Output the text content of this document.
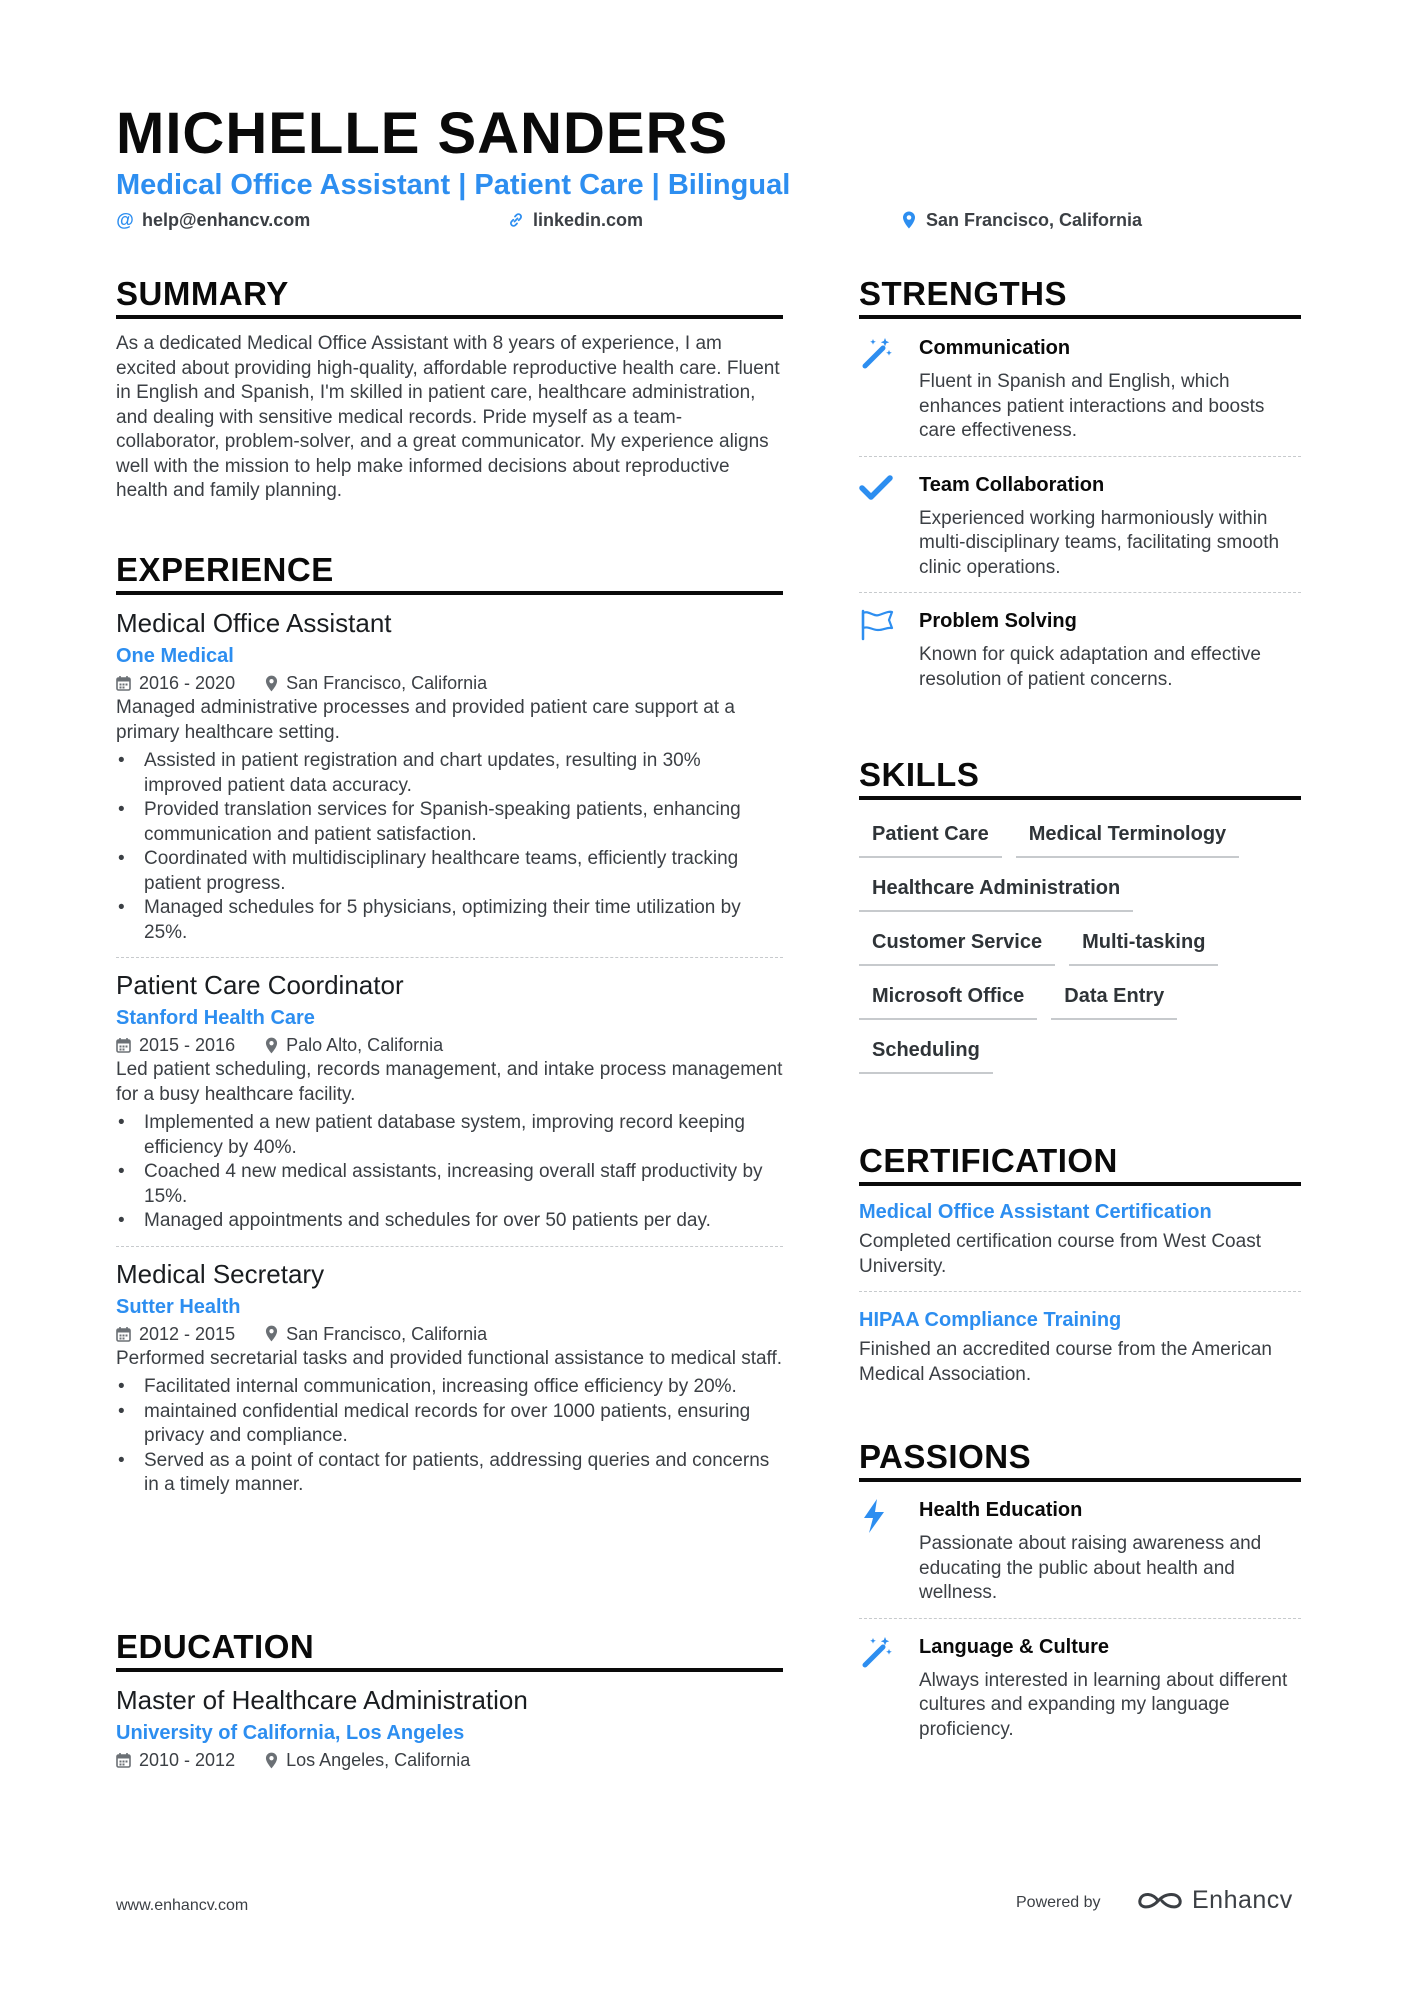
MICHELLE SANDERS
Medical Office Assistant | Patient Care | Bilingual
@ help@enhancv.com	linkedin.com	San Francisco, California
SUMMARY
As a dedicated Medical Office Assistant with 8 years of experience, I am excited about providing high-quality, affordable reproductive health care. Fluent in English and Spanish, I'm skilled in patient care, healthcare administration, and dealing with sensitive medical records. Pride myself as a team-collaborator, problem-solver, and a great communicator. My experience aligns well with the mission to help make informed decisions about reproductive health and family planning.
EXPERIENCE
Medical Office Assistant
One Medical
2016 - 2020	San Francisco, California
Managed administrative processes and provided patient care support at a primary healthcare setting.
• Assisted in patient registration and chart updates, resulting in 30% improved patient data accuracy.
• Provided translation services for Spanish-speaking patients, enhancing communication and patient satisfaction.
• Coordinated with multidisciplinary healthcare teams, efficiently tracking patient progress.
• Managed schedules for 5 physicians, optimizing their time utilization by 25%.
Patient Care Coordinator
Stanford Health Care
2015 - 2016	Palo Alto, California
Led patient scheduling, records management, and intake process management for a busy healthcare facility.
• Implemented a new patient database system, improving record keeping efficiency by 40%.
• Coached 4 new medical assistants, increasing overall staff productivity by 15%.
• Managed appointments and schedules for over 50 patients per day.
Medical Secretary
Sutter Health
2012 - 2015	San Francisco, California
Performed secretarial tasks and provided functional assistance to medical staff.
• Facilitated internal communication, increasing office efficiency by 20%.
• maintained confidential medical records for over 1000 patients, ensuring privacy and compliance.
• Served as a point of contact for patients, addressing queries and concerns in a timely manner.
EDUCATION
Master of Healthcare Administration
University of California, Los Angeles
2010 - 2012	Los Angeles, California
STRENGTHS
Communication
Fluent in Spanish and English, which enhances patient interactions and boosts care effectiveness.
Team Collaboration
Experienced working harmoniously within multi-disciplinary teams, facilitating smooth clinic operations.
Problem Solving
Known for quick adaptation and effective resolution of patient concerns.
SKILLS
Patient Care	Medical Terminology
Healthcare Administration
Customer Service	Multi-tasking
Microsoft Office	Data Entry
Scheduling
CERTIFICATION
Medical Office Assistant Certification
Completed certification course from West Coast University.
HIPAA Compliance Training
Finished an accredited course from the American Medical Association.
PASSIONS
Health Education
Passionate about raising awareness and educating the public about health and wellness.
Language & Culture
Always interested in learning about different cultures and expanding my language proficiency.
www.enhancv.com	Powered by	Enhancv
